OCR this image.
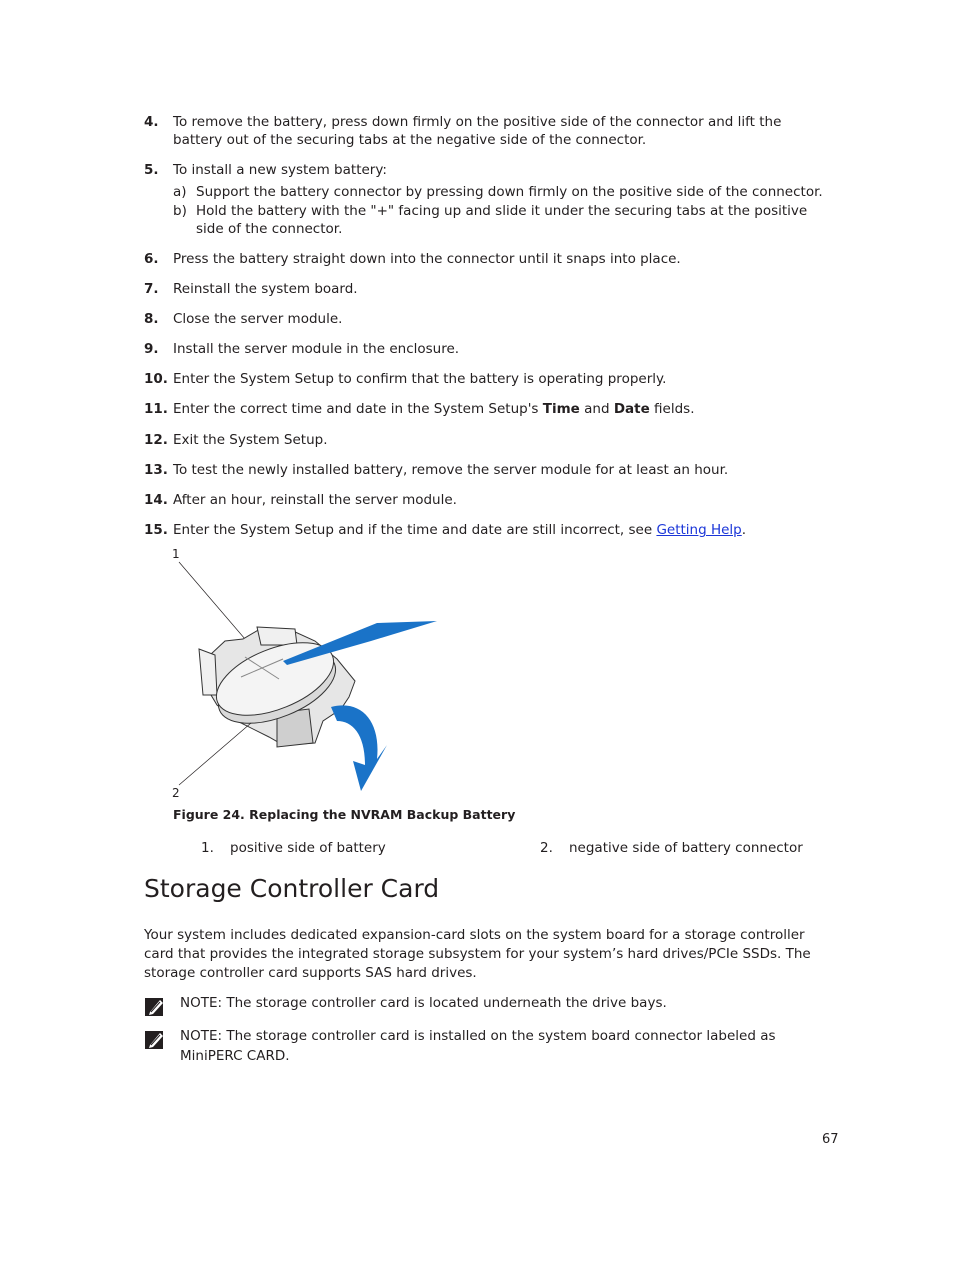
4.	To remove the battery, press down firmly on the positive side of the connector and lift the battery out of the securing tabs at the negative side of the connector.
5.	To install a new system battery:
a) Support the battery connector by pressing down firmly on the positive side of the connector.
b) Hold the battery with the "+" facing up and slide it under the securing tabs at the positive side of the connector.
6.	Press the battery straight down into the connector until it snaps into place.
7.	Reinstall the system board.
8.	Close the server module.
9.	Install the server module in the enclosure.
10. Enter the System Setup to confirm that the battery is operating properly.
11. Enter the correct time and date in the System Setup's Time and Date fields.
12. Exit the System Setup.
13. To test the newly installed battery, remove the server module for at least an hour.
14. After an hour, reinstall the server module.
15. Enter the System Setup and if the time and date are still incorrect, see Getting Help.
1
2
Figure 24. Replacing the NVRAM Backup Battery
1. positive side of battery	2. negative side of battery connector
Storage Controller Card

Your system includes dedicated expansion-card slots on the system board for a storage controller card that provides the integrated storage subsystem for your system’s hard drives/PCIe SSDs. The storage controller card supports SAS hard drives.

NOTE: The storage controller card is located underneath the drive bays.
NOTE: The storage controller card is installed on the system board connector labeled as MiniPERC CARD.
67
